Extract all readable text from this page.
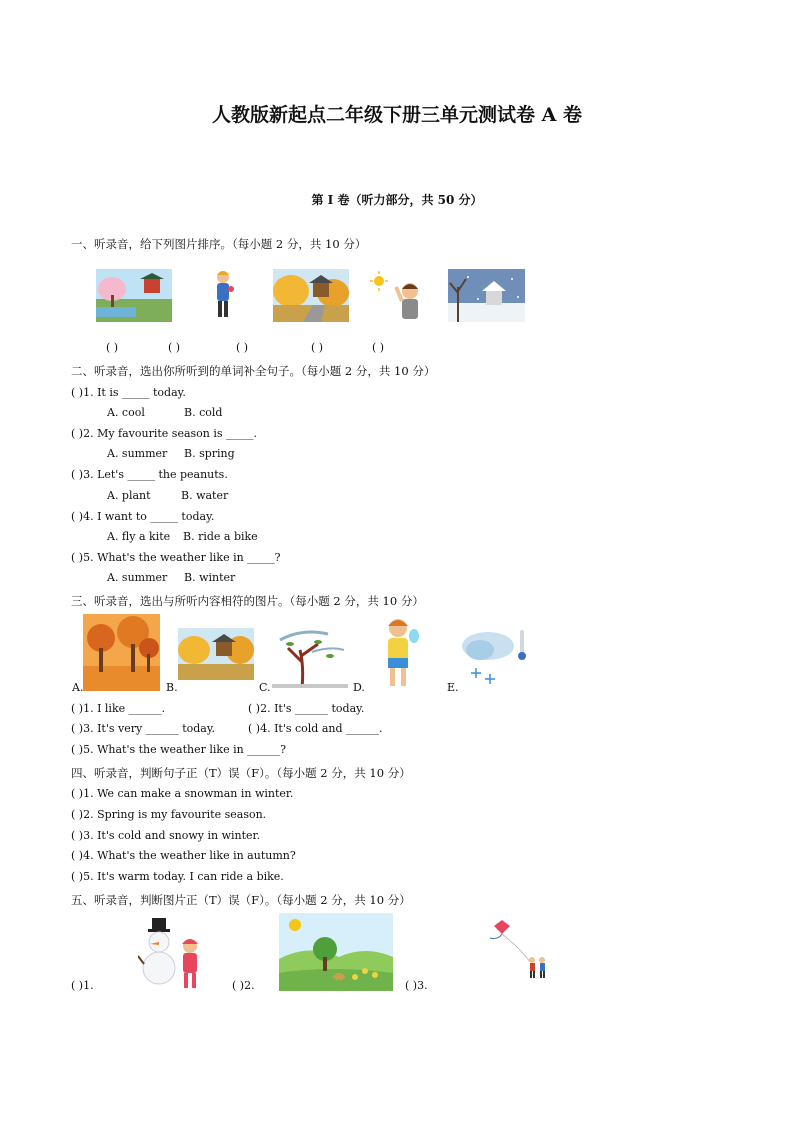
人教版新起点二年级下册三单元测试卷 A 卷
第 I 卷（听力部分，共 50 分）
一、听录音，给下列图片排序。（每小题 2 分，共 10 分）
( )	( )	( )	( )	( )
二、听录音，选出你所听到的单词补全句子。（每小题 2 分，共 10 分）
( )1. It is _____ today.
A. cool	B. cold
( )2. My favourite season is _____.
A. summer B. spring
( )3. Let's _____ the peanuts.
A. plant	B. water
( )4. I want to _____ today.
A. fly a kite B. ride a bike
( )5. What's the weather like in _____?
A. summer B. winter
三、听录音，选出与所听内容相符的图片。（每小题 2 分，共 10 分）
A.	B.	C.	D.	E.
( )1. I like ______.	( )2. It's ______ today.
( )3. It's very ______ today.	( )4. It's cold and ______.
( )5. What's the weather like in ______?
四、听录音，判断句子正（T）误（F）。（每小题 2 分，共 10 分）
( )1. We can make a snowman in winter.
( )2. Spring is my favourite season.
( )3. It's cold and snowy in winter.
( )4. What's the weather like in autumn?
( )5. It's warm today. I can ride a bike.
五、听录音，判断图片正（T）误（F）。（每小题 2 分，共 10 分）
( )1.	( )2.	( )3.
